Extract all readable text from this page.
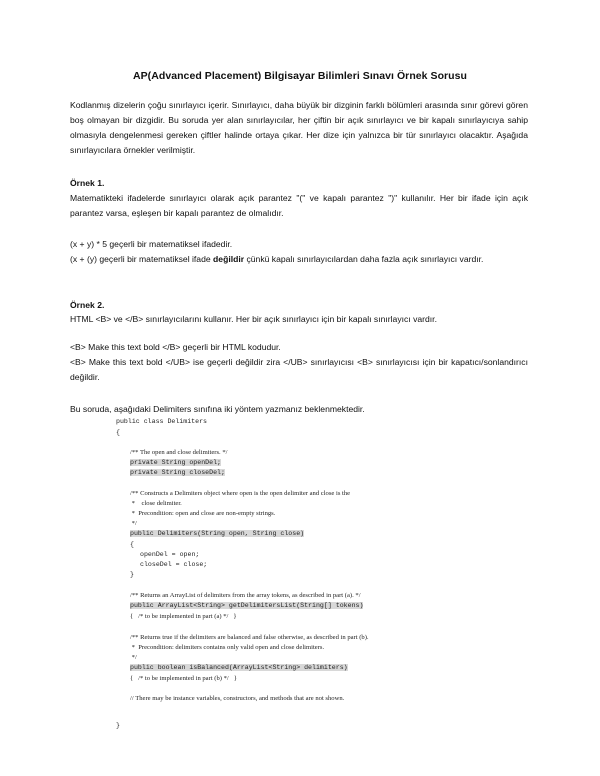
AP(Advanced Placement) Bilgisayar Bilimleri Sınavı Örnek Sorusu
Kodlanmış dizelerin çoğu sınırlayıcı içerir. Sınırlayıcı, daha büyük bir dizginin farklı bölümleri arasında sınır görevi gören boş olmayan bir dizgidir. Bu soruda yer alan sınırlayıcılar, her çiftin bir açık sınırlayıcı ve bir kapalı sınırlayıcıya sahip olmasıyla dengelenmesi gereken çiftler halinde ortaya çıkar. Her dize için yalnızca bir tür sınırlayıcı olacaktır. Aşağıda sınırlayıcılara örnekler verilmiştir.
Örnek 1.
Matematikteki ifadelerde sınırlayıcı olarak açık parantez "(" ve kapalı parantez ")" kullanılır. Her bir ifade için açık parantez varsa, eşleşen bir kapalı parantez de olmalıdır.
(x + y) * 5 geçerli bir matematiksel ifadedir.
(x + (y) geçerli bir matematiksel ifade değildir çünkü kapalı sınırlayıcılardan daha fazla açık sınırlayıcı vardır.
Örnek 2.
HTML <B> ve </B> sınırlayıcılarını kullanır. Her bir açık sınırlayıcı için bir kapalı sınırlayıcı vardır.
<B> Make this text bold </B> geçerli bir HTML kodudur.
<B> Make this text bold </UB> ise geçerli değildir zira </UB> sınırlayıcısı <B> sınırlayıcısı için bir kapatıcı/sonlandırıcı değildir.
Bu soruda, aşağıdaki Delimiters sınıfına iki yöntem yazmanız beklenmektedir.
public class Delimiters
{
/** The open and close delimiters. */
private String openDel;
private String closeDel;
/** Constructs a Delimiters object where open is the open delimiter and close is the
*    close delimiter.
*  Precondition: open and close are non-empty strings.
*/
public Delimiters(String open, String close)
{
openDel = open;
closeDel = close;
}
/** Returns an ArrayList of delimiters from the array tokens, as described in part (a). */
public ArrayList<String> getDelimitersList(String[] tokens)
{   /* to be implemented in part (a) */   }
/** Returns true if the delimiters are balanced and false otherwise, as described in part (b).
*  Precondition: delimiters contains only valid open and close delimiters.
*/
public boolean isBalanced(ArrayList<String> delimiters)
{   /* to be implemented in part (b) */   }
// There may be instance variables, constructors, and methods that are not shown.
}
